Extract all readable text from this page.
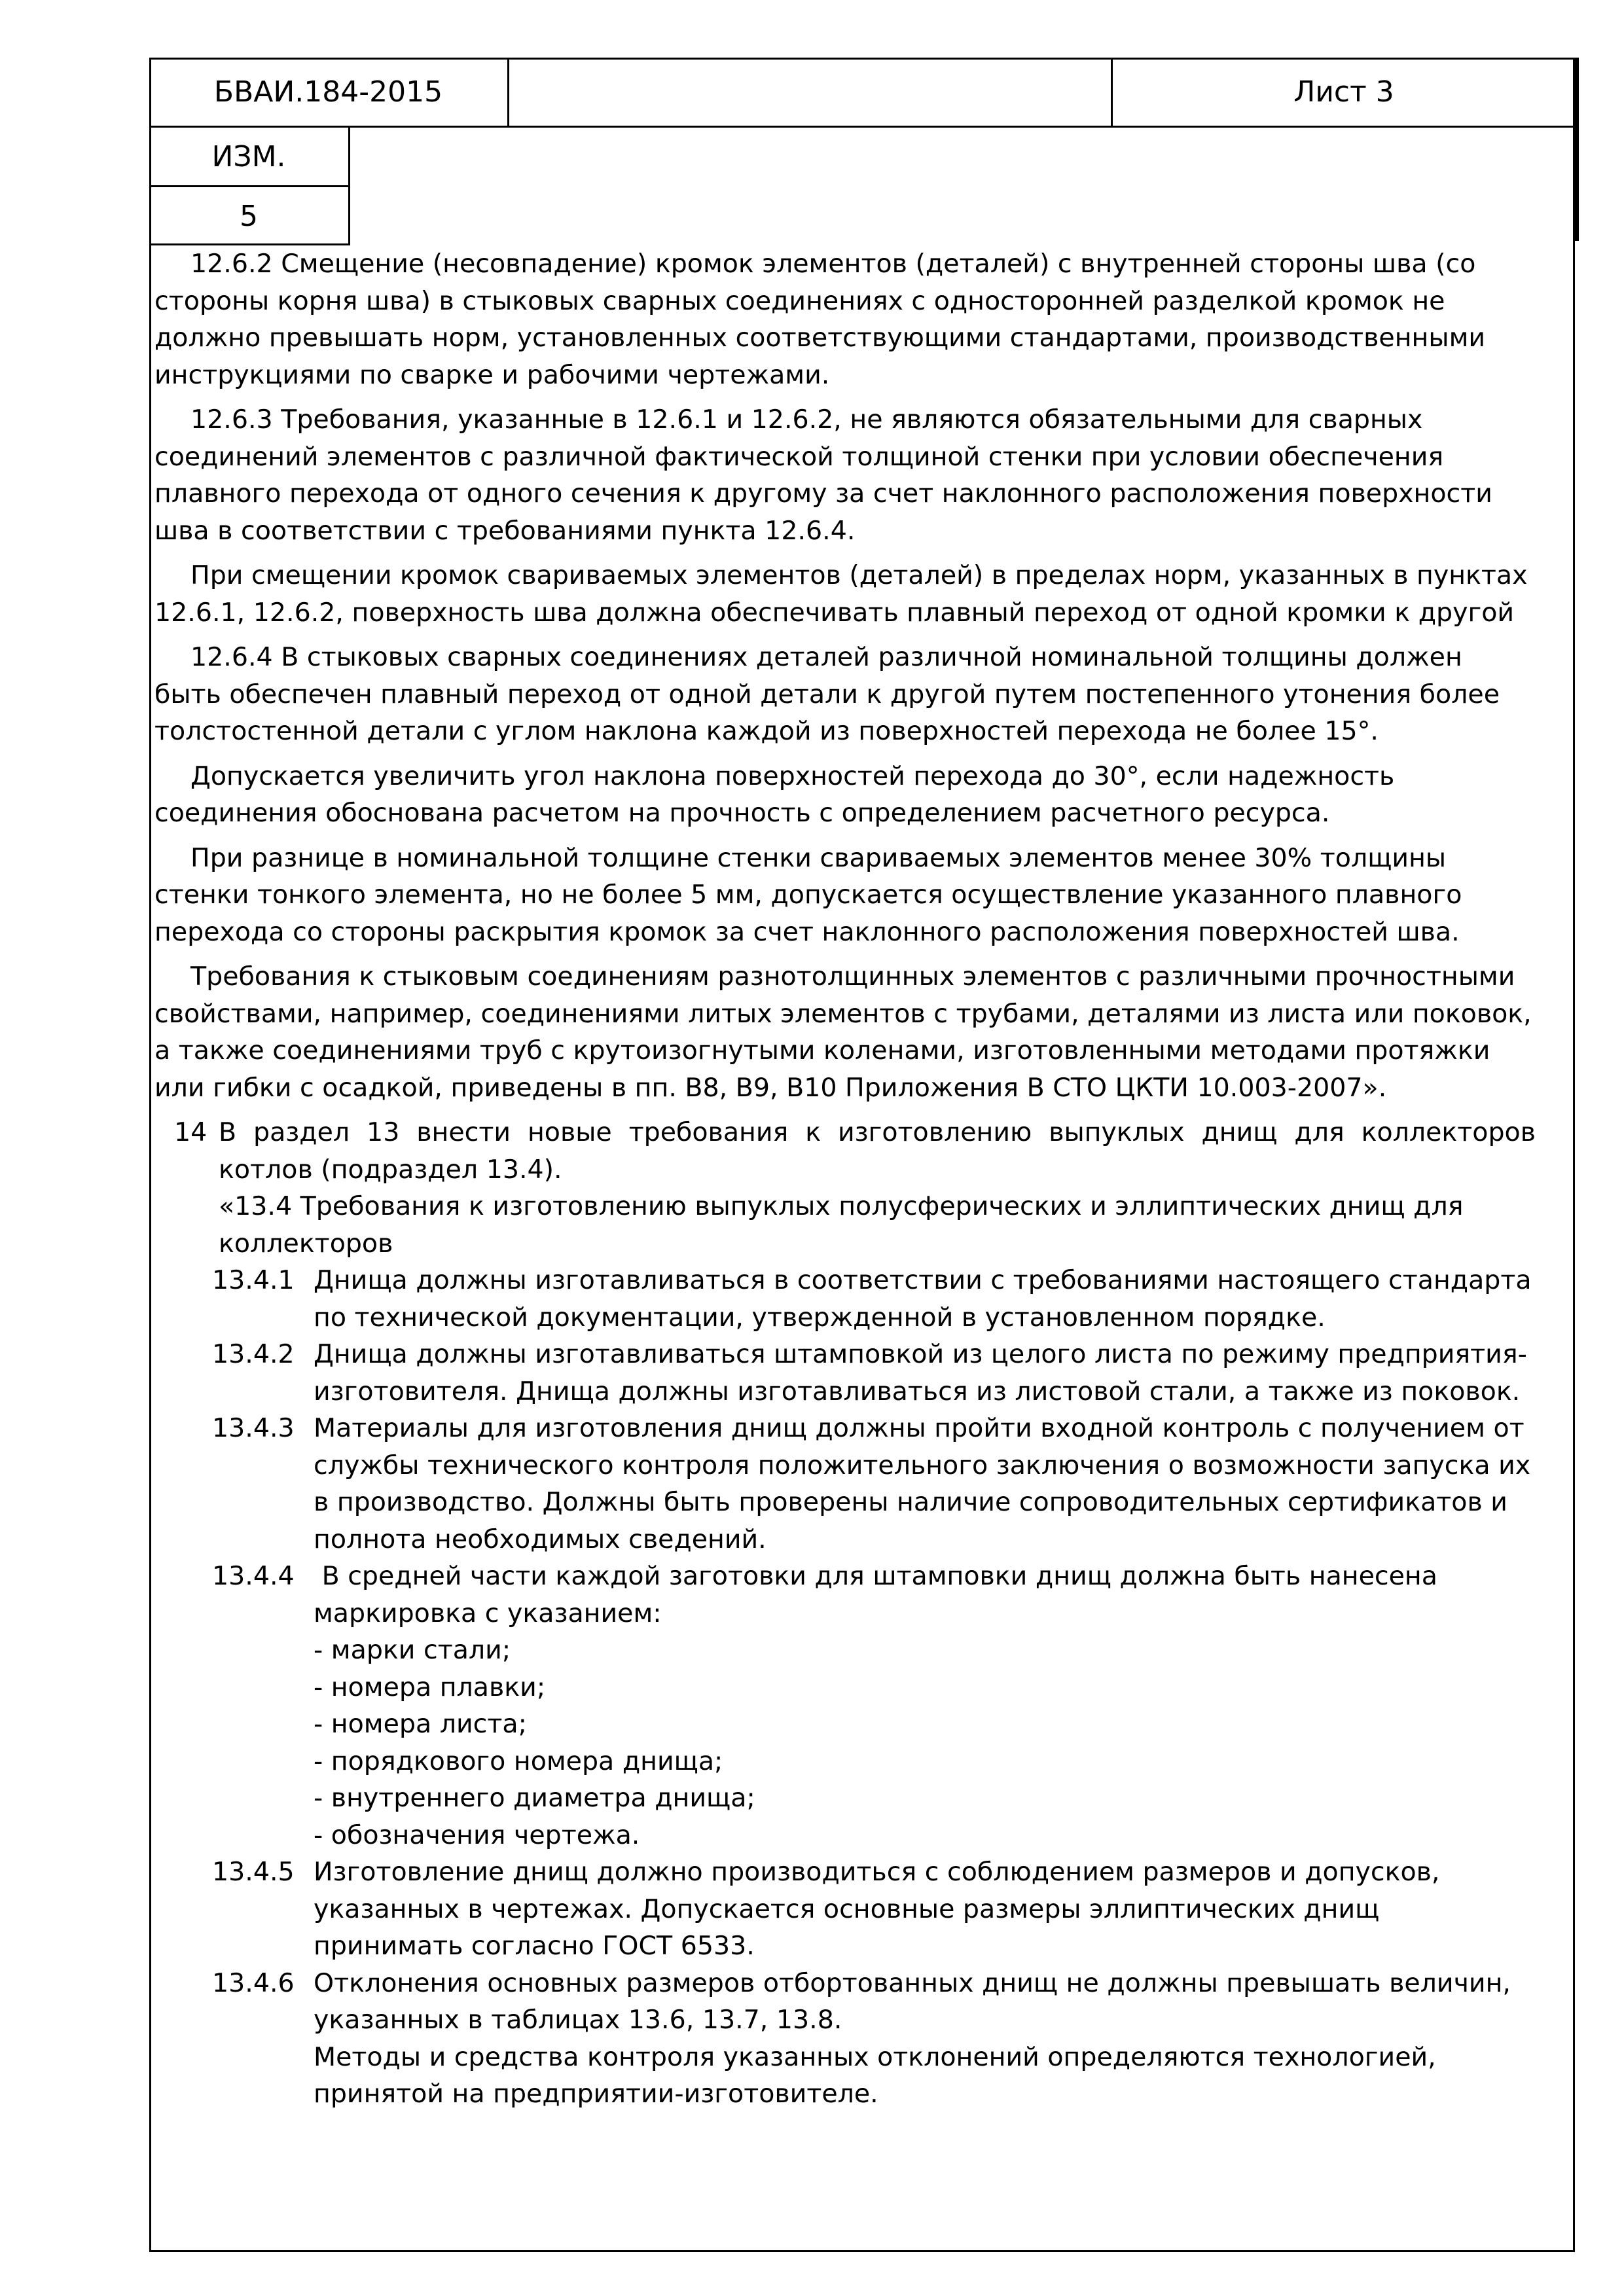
БВАИ.184-2015	Лист 3
ИЗМ.
5

12.6.2 Смещение (несовпадение) кромок элементов (деталей) с внутренней стороны шва (со стороны корня шва) в стыковых сварных соединениях с односторонней разделкой кромок не должно превышать норм, установленных соответствующими стандартами, производственными инструкциями по сварке и рабочими чертежами.

12.6.3 Требования, указанные в 12.6.1 и 12.6.2, не являются обязательными для сварных соединений элементов с различной фактической толщиной стенки при условии обеспечения плавного перехода от одного сечения к другому за счет наклонного расположения поверхности шва в соответствии с требованиями пункта 12.6.4.

При смещении кромок свариваемых элементов (деталей) в пределах норм, указанных в пунктах 12.6.1, 12.6.2, поверхность шва должна обеспечивать плавный переход от одной кромки к другой

12.6.4 В стыковых сварных соединениях деталей различной номинальной толщины должен быть обеспечен плавный переход от одной детали к другой путем постепенного утонения более толстостенной детали с углом наклона каждой из поверхностей перехода не более 15°.

Допускается увеличить угол наклона поверхностей перехода до 30°, если надежность соединения обоснована расчетом на прочность с определением расчетного ресурса.

При разнице в номинальной толщине стенки свариваемых элементов менее 30% толщины стенки тонкого элемента, но не более 5 мм, допускается осуществление указанного плавного перехода со стороны раскрытия кромок за счет наклонного расположения поверхностей шва.

Требования к стыковым соединениям разнотолщинных элементов с различными прочностными свойствами, например, соединениями литых элементов с трубами, деталями из листа или поковок, а также соединениями труб с крутоизогнутыми коленами, изготовленными методами протяжки или гибки с осадкой, приведены в пп. В8, В9, В10 Приложения В СТО ЦКТИ 10.003-2007».

14 В раздел 13 внести новые требования к изготовлению выпуклых днищ для коллекторов котлов (подраздел 13.4).
«13.4 Требования к изготовлению выпуклых полусферических и эллиптических днищ для коллекторов
13.4.1 Днища должны изготавливаться в соответствии с требованиями настоящего стандарта по технической документации, утвержденной в установленном порядке.
13.4.2 Днища должны изготавливаться штамповкой из целого листа по режиму предприятия-изготовителя. Днища должны изготавливаться из листовой стали, а также из поковок.
13.4.3 Материалы для изготовления днищ должны пройти входной контроль с получением от службы технического контроля положительного заключения о возможности запуска их в производство. Должны быть проверены наличие сопроводительных сертификатов и полнота необходимых сведений.
13.4.4 В средней части каждой заготовки для штамповки днищ должна быть нанесена маркировка с указанием:
- марки стали;
- номера плавки;
- номера листа;
- порядкового номера днища;
- внутреннего диаметра днища;
- обозначения чертежа.
13.4.5 Изготовление днищ должно производиться с соблюдением размеров и допусков, указанных в чертежах. Допускается основные размеры эллиптических днищ принимать согласно ГОСТ 6533.
13.4.6 Отклонения основных размеров отбортованных днищ не должны превышать величин, указанных в таблицах 13.6, 13.7, 13.8.
Методы и средства контроля указанных отклонений определяются технологией, принятой на предприятии-изготовителе.
